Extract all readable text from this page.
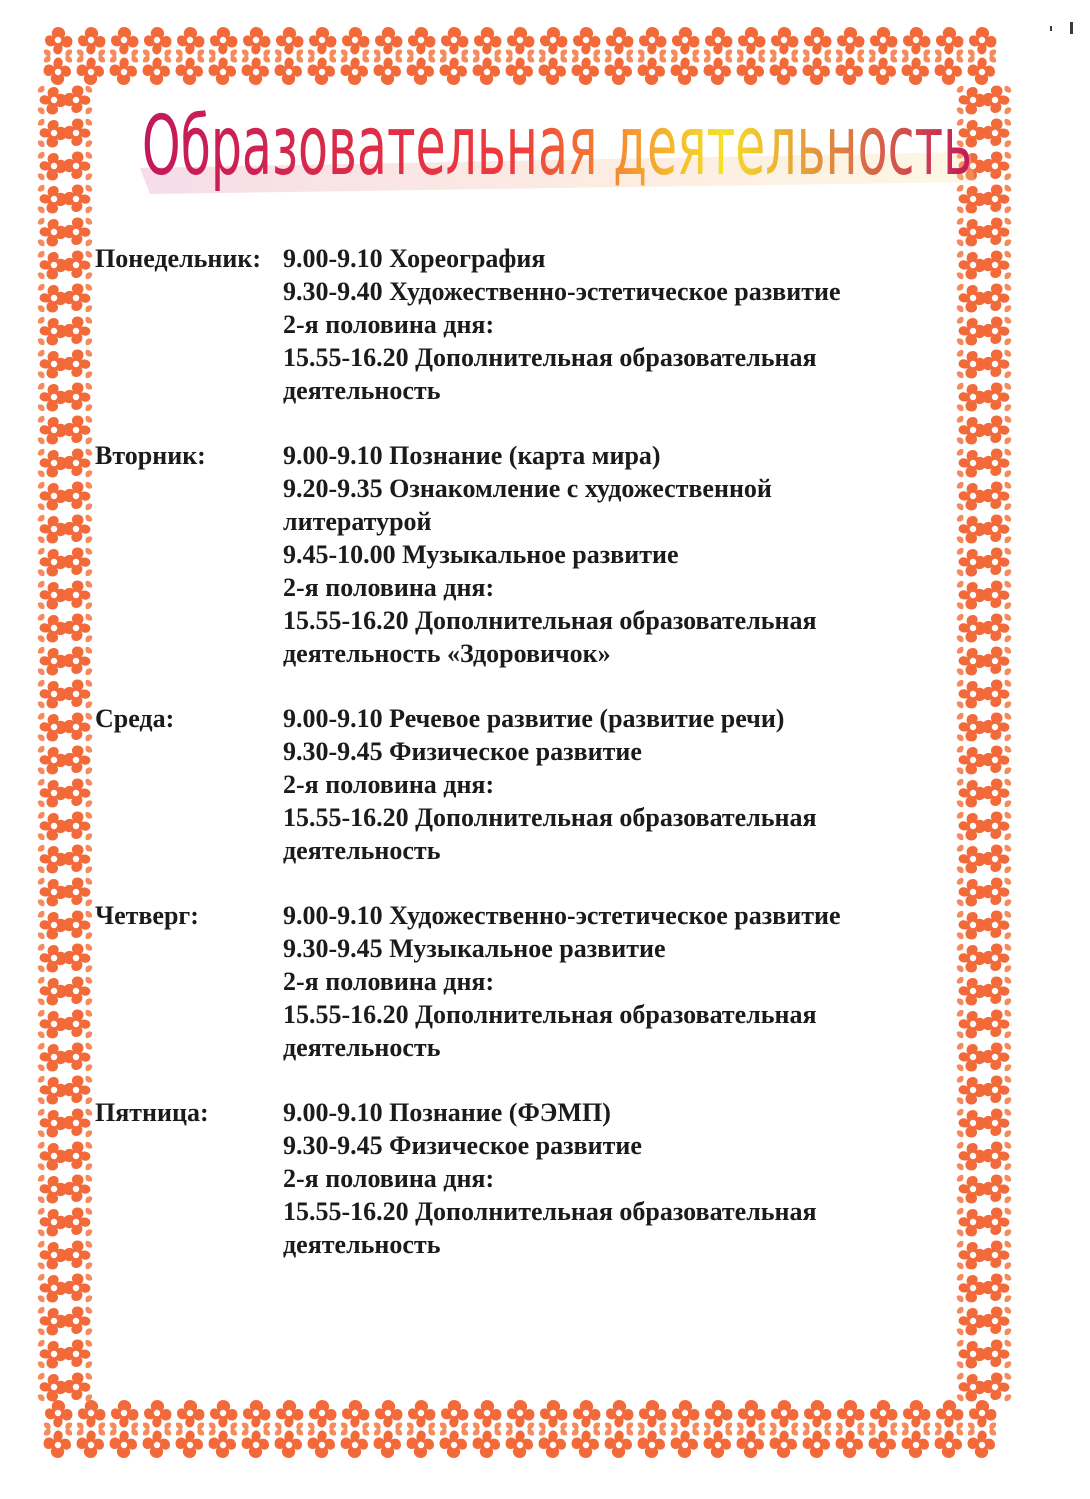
Образовательная деятельность
Понедельник: 9.00-9.10 Хореография
9.30-9.40 Художественно-эстетическое развитие
2-я половина дня:
15.55-16.20 Дополнительная образовательная
деятельность
Вторник:	9.00-9.10 Познание (карта мира)
9.20-9.35 Ознакомление с художественной
литературой
9.45-10.00 Музыкальное развитие
2-я половина дня:
15.55-16.20 Дополнительная образовательная
деятельность «Здоровичок»
Среда:	9.00-9.10 Речевое развитие (развитие речи)
9.30-9.45 Физическое развитие
2-я половина дня:
15.55-16.20 Дополнительная образовательная
деятельность
Четверг:	9.00-9.10 Художественно-эстетическое развитие
9.30-9.45 Музыкальное развитие
2-я половина дня:
15.55-16.20 Дополнительная образовательная
деятельность
Пятница:	9.00-9.10 Познание (ФЭМП)
9.30-9.45 Физическое развитие
2-я половина дня:
15.55-16.20 Дополнительная образовательная
деятельность
